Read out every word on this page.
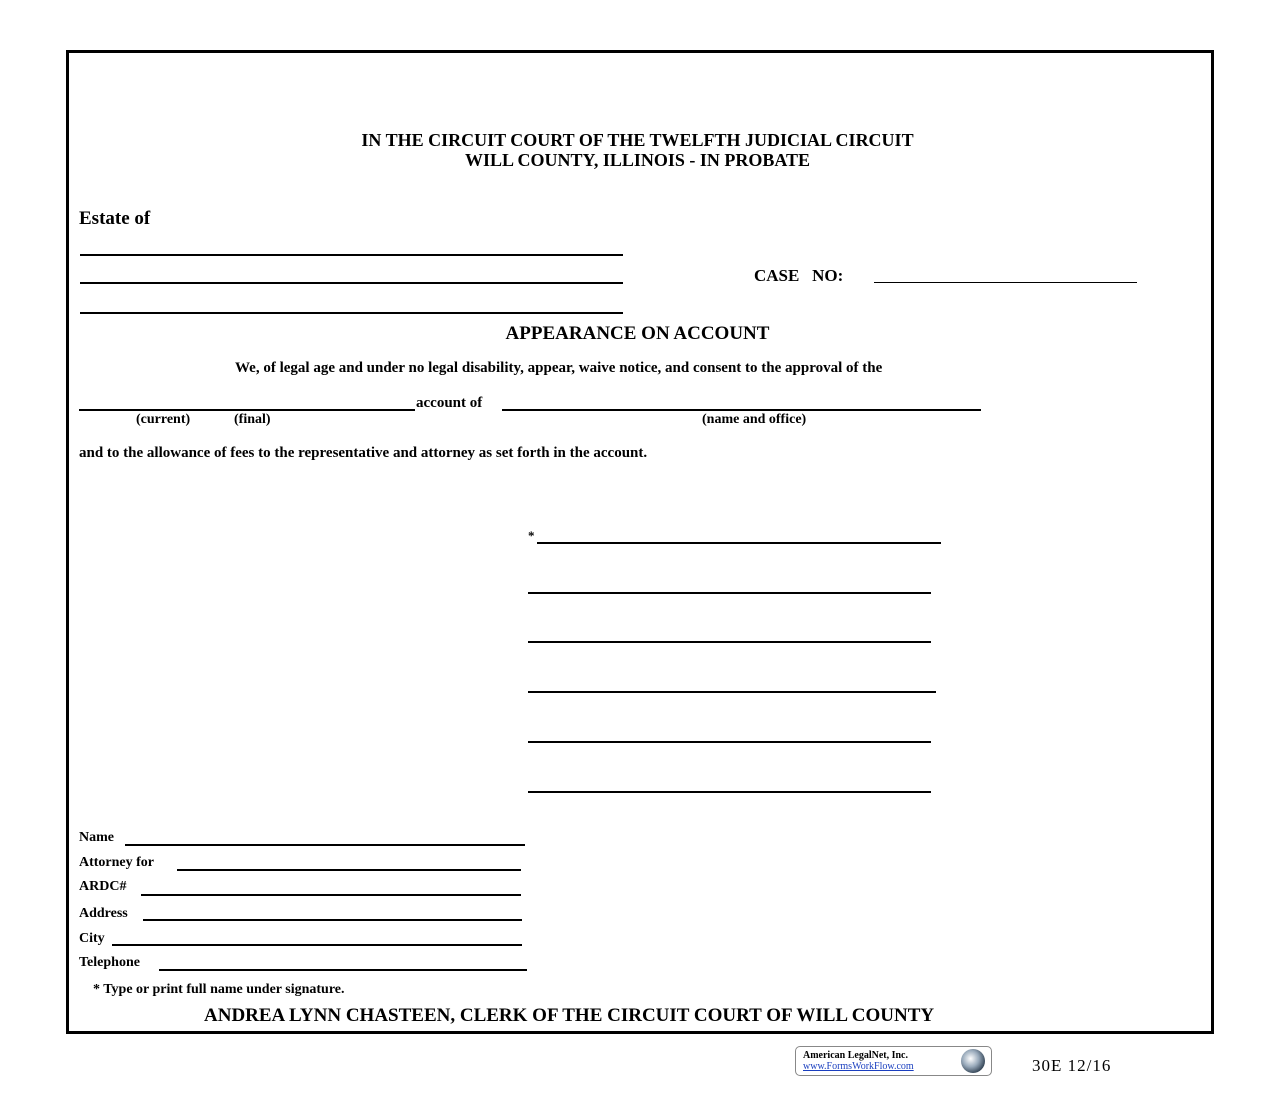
IN THE CIRCUIT COURT OF THE TWELFTH JUDICIAL CIRCUIT
WILL COUNTY, ILLINOIS - IN PROBATE
Estate of
CASE   NO:
APPEARANCE ON ACCOUNT
We, of legal age and under no legal disability, appear, waive notice, and consent to the approval of the
account of
(current)	(final)	(name and office)
and to the allowance of fees to the representative and attorney as set forth in the account.
*
Name
Attorney for
ARDC#
Address
City
Telephone
* Type or print full name under signature.
ANDREA LYNN CHASTEEN, CLERK OF THE CIRCUIT COURT OF WILL COUNTY
American LegalNet, Inc.
www.FormsWorkFlow.com	30E 12/16
